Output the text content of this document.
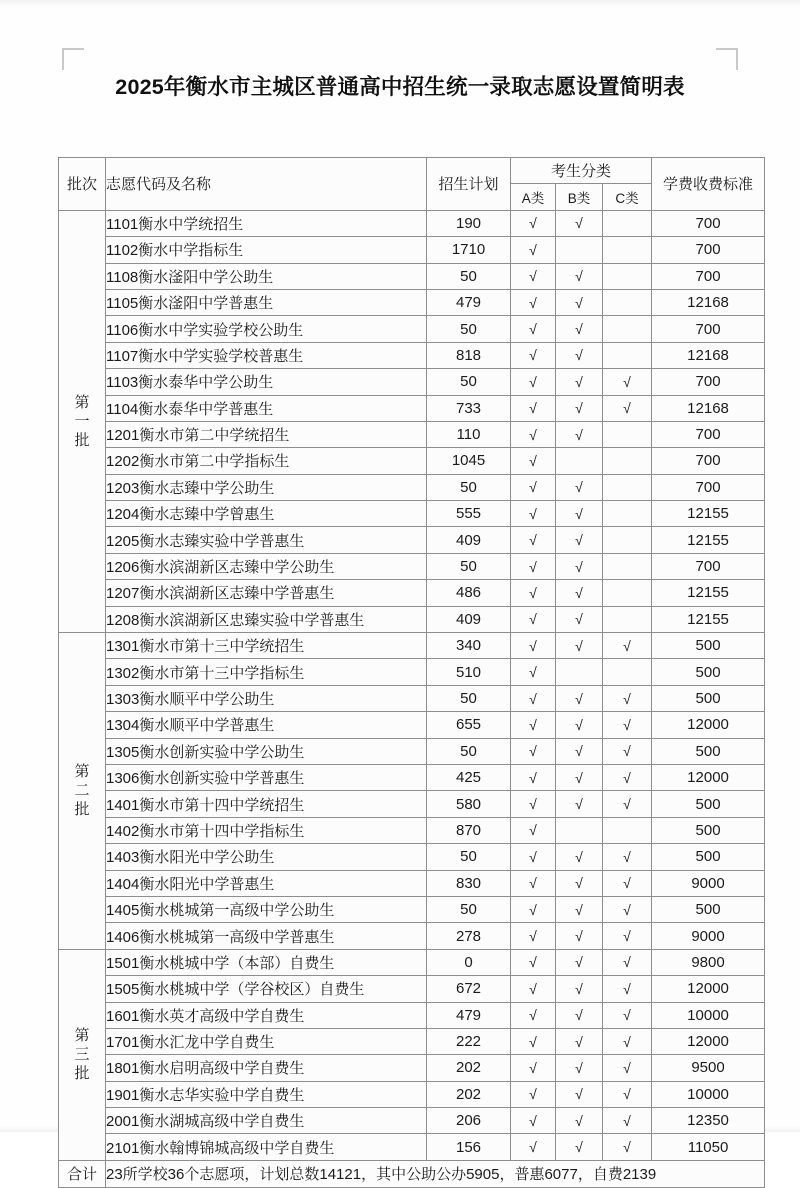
2025年衡水市主城区普通高中招生统一录取志愿设置简明表
批次	志愿代码及名称	招生计划	考生分类			学费收费标准
			A类	B类	C类	
第一批	1101衡水中学统招生	190	√	√		700
	1102衡水中学指标生	1710	√			700
	1108衡水滏阳中学公助生	50	√	√		700
	1105衡水滏阳中学普惠生	479	√	√		12168
	1106衡水中学实验学校公助生	50	√	√		700
	1107衡水中学实验学校普惠生	818	√	√		12168
	1103衡水泰华中学公助生	50	√	√	√	700
	1104衡水泰华中学普惠生	733	√	√	√	12168
	1201衡水市第二中学统招生	110	√	√		700
	1202衡水市第二中学指标生	1045	√			700
	1203衡水志臻中学公助生	50	√	√		700
	1204衡水志臻中学曾惠生	555	√	√		12155
	1205衡水志臻实验中学普惠生	409	√	√		12155
	1206衡水滨湖新区志臻中学公助生	50	√	√		700
	1207衡水滨湖新区志臻中学普惠生	486	√	√		12155
	1208衡水滨湖新区忠臻实验中学普惠生	409	√	√		12155
第二批	1301衡水市第十三中学统招生	340	√	√	√	500
	1302衡水市第十三中学指标生	510	√			500
	1303衡水顺平中学公助生	50	√	√	√	500
	1304衡水顺平中学普惠生	655	√	√	√	12000
	1305衡水创新实验中学公助生	50	√	√	√	500
	1306衡水创新实验中学普惠生	425	√	√	√	12000
	1401衡水市第十四中学统招生	580	√	√	√	500
	1402衡水市第十四中学指标生	870	√			500
	1403衡水阳光中学公助生	50	√	√	√	500
	1404衡水阳光中学普惠生	830	√	√	√	9000
	1405衡水桃城第一高级中学公助生	50	√	√	√	500
	1406衡水桃城第一高级中学普惠生	278	√	√	√	9000
第三批	1501衡水桃城中学（本部）自费生	0	√	√	√	9800
	1505衡水桃城中学（学谷校区）自费生	672	√	√	√	12000
	1601衡水英才高级中学自费生	479	√	√	√	10000
	1701衡水汇龙中学自费生	222	√	√	√	12000
	1801衡水启明高级中学自费生	202	√	√	√	9500
	1901衡水志华实验中学自费生	202	√	√	√	10000
	2001衡水湖城高级中学自费生	206	√	√	√	12350
	2101衡水翰博锦城高级中学自费生	156	√	√	√	11050
合计	23所学校36个志愿项，计划总数14121，其中公助公办5905，普惠6077，自费2139					
